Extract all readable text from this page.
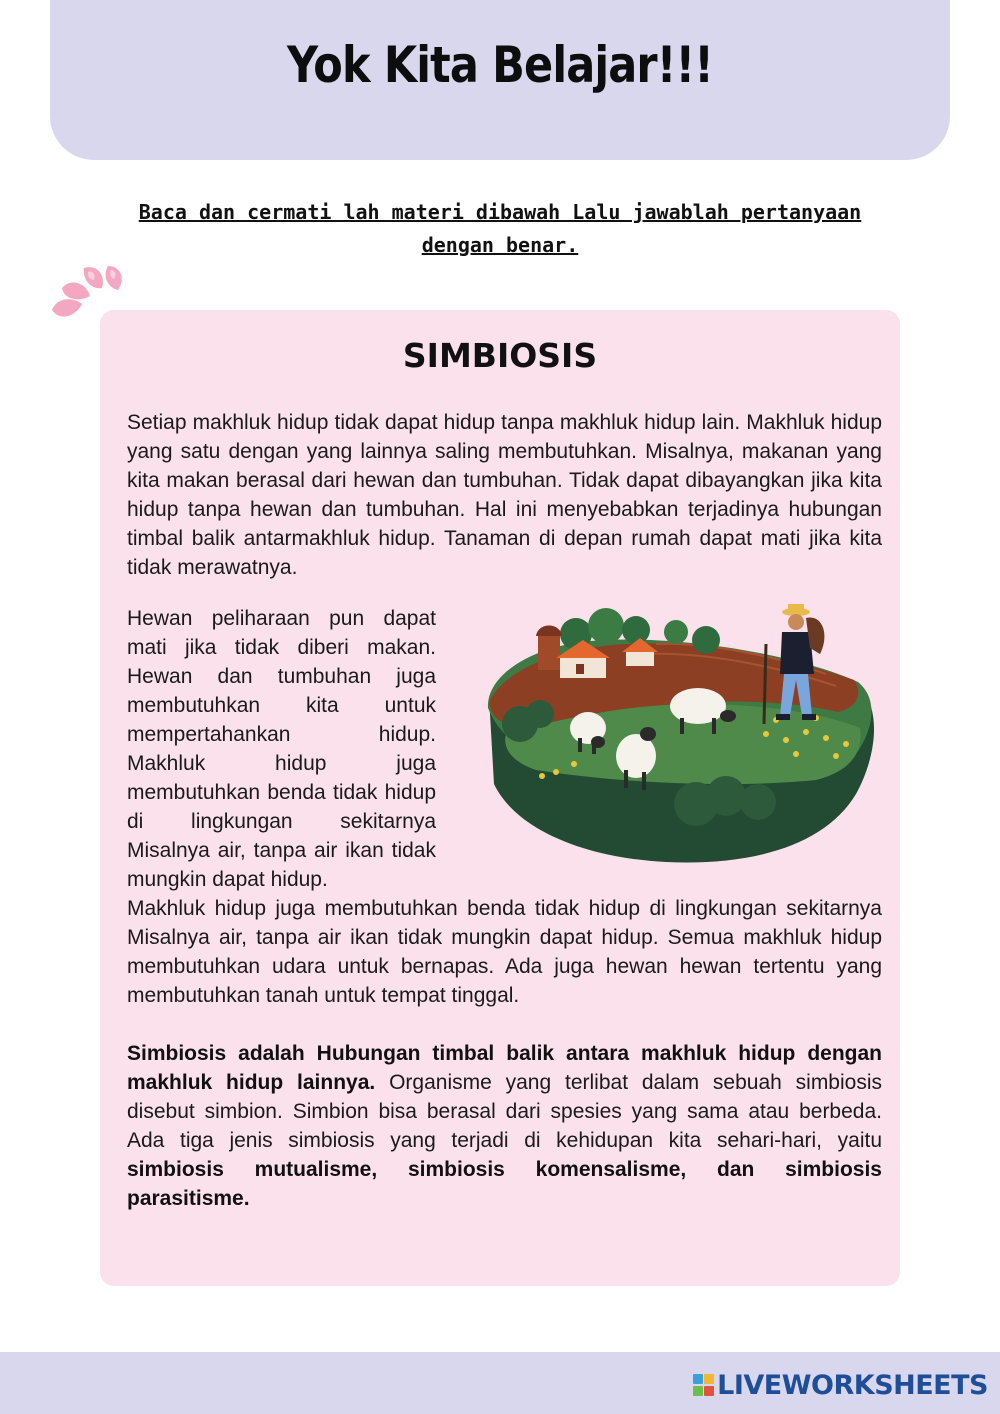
Yok Kita Belajar!!!
Baca dan cermati lah materi dibawah Lalu jawablah pertanyaan dengan benar.
SIMBIOSIS

Setiap makhluk hidup tidak dapat hidup tanpa makhluk hidup lain. Makhluk hidup yang satu dengan yang lainnya saling membutuhkan. Misalnya, makanan yang kita makan berasal dari hewan dan tumbuhan. Tidak dapat dibayangkan jika kita hidup tanpa hewan dan tumbuhan. Hal ini menyebabkan terjadinya hubungan timbal balik antarmakhluk hidup. Tanaman di depan rumah dapat mati jika kita tidak merawatnya.

Hewan peliharaan pun dapat mati jika tidak diberi makan. Hewan dan tumbuhan juga membutuhkan kita untuk mempertahankan hidup. Makhluk hidup juga membutuhkan benda tidak hidup di lingkungan sekitarnya Misalnya air, tanpa air ikan tidak mungkin dapat hidup.

Makhluk hidup juga membutuhkan benda tidak hidup di lingkungan sekitarnya Misalnya air, tanpa air ikan tidak mungkin dapat hidup. Semua makhluk hidup membutuhkan udara untuk bernapas. Ada juga hewan hewan tertentu yang membutuhkan tanah untuk tempat tinggal.

Simbiosis adalah Hubungan timbal balik antara makhluk hidup dengan makhluk hidup lainnya. Organisme yang terlibat dalam sebuah simbiosis disebut simbion. Simbion bisa berasal dari spesies yang sama atau berbeda. Ada tiga jenis simbiosis yang terjadi di kehidupan kita sehari-hari, yaitu simbiosis mutualisme, simbiosis komensalisme, dan simbiosis parasitisme.

LIVEWORKSHEETS
